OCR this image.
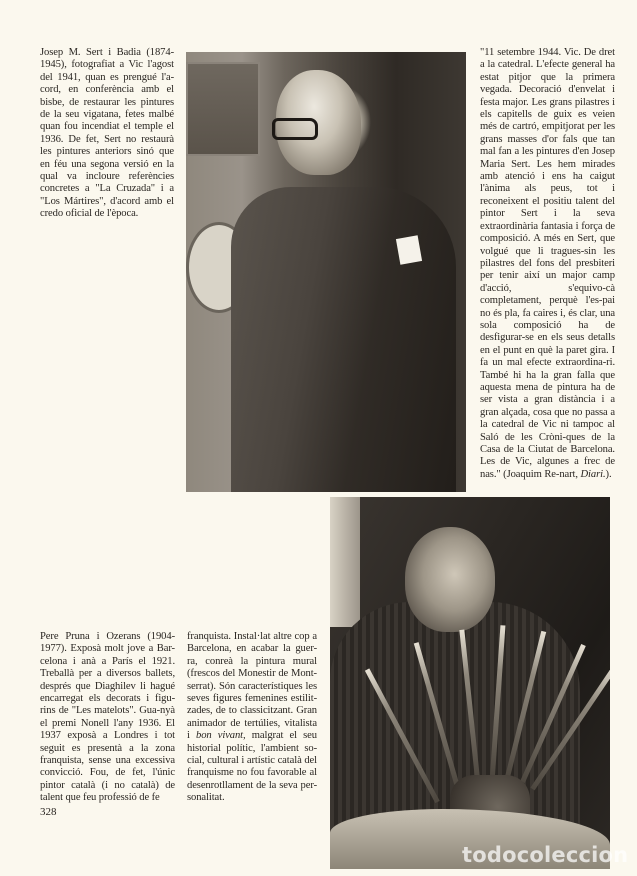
Josep M. Sert i Badia (1874-1945), fotografiat a Vic l'agost del 1941, quan es prengué l'a-cord, en conferència amb el bisbe, de restaurar les pintures de la seu vigatana, fetes malbé quan fou incendiat el temple el 1936. De fet, Sert no restaurà les pintures anteriors sinó que en féu una segona versió en la qual va incloure referències concretes a "La Cruzada" i a "Los Mártires", d'acord amb el credo oficial de l'època.

"11 setembre 1944. Vic. De dret a la catedral. L'efecte general ha estat pitjor que la primera vegada. Decoració d'envelat i festa major. Les grans pilastres i els capitells de guix es veien més de cartró, empitjorat per les grans masses d'or fals que tan mal fan a les pintures d'en Josep Maria Sert. Les hem mirades amb atenció i ens ha caigut l'ànima als peus, tot i reconeixent el positiu talent del pintor Sert i la seva extraordinària fantasia i força de composició. A més en Sert, que volgué que li tragues-sin les pilastres del fons del presbiteri per tenir així un major camp d'acció, s'equivo-cà completament, perquè l'es-pai no és pla, fa caires i, és clar, una sola composició ha de desfigurar-se en els seus detalls en el punt en què la paret gira. I fa un mal efecte extraordina-ri. També hi ha la gran falla que aquesta mena de pintura ha de ser vista a gran distància i a gran alçada, cosa que no passa a la catedral de Vic ni tampoc al Saló de les Cròni-ques de la Casa de la Ciutat de Barcelona. Les de Vic, algunes a frec de nas." (Joaquim Re-nart, Diari.).

Pere Pruna i Ozerans (1904-1977). Exposà molt jove a Bar-celona i anà a París el 1921. Treballà per a diversos ballets, després que Diaghilev li hagué encarregat els decorats i figu-rins de "Les matelots". Gua-nyà el premi Nonell l'any 1936. El 1937 exposà a Londres i tot seguit es presentà a la zona franquista, sense una excessiva convicció. Fou, de fet, l'únic pintor català (i no català) de talent que feu professió de fe

franquista. Instal·lat altre cop a Barcelona, en acabar la guer-ra, conreà la pintura mural (frescos del Monestir de Mont-serrat). Són característiques les seves figures femenines estilit-zades, de to classicitzant. Gran animador de tertúlies, vitalista i bon vivant, malgrat el seu historial polític, l'ambient so-cial, cultural i artístic català del franquisme no fou favorable al desenrotllament de la seva per-sonalitat.

328
todocoleccion
